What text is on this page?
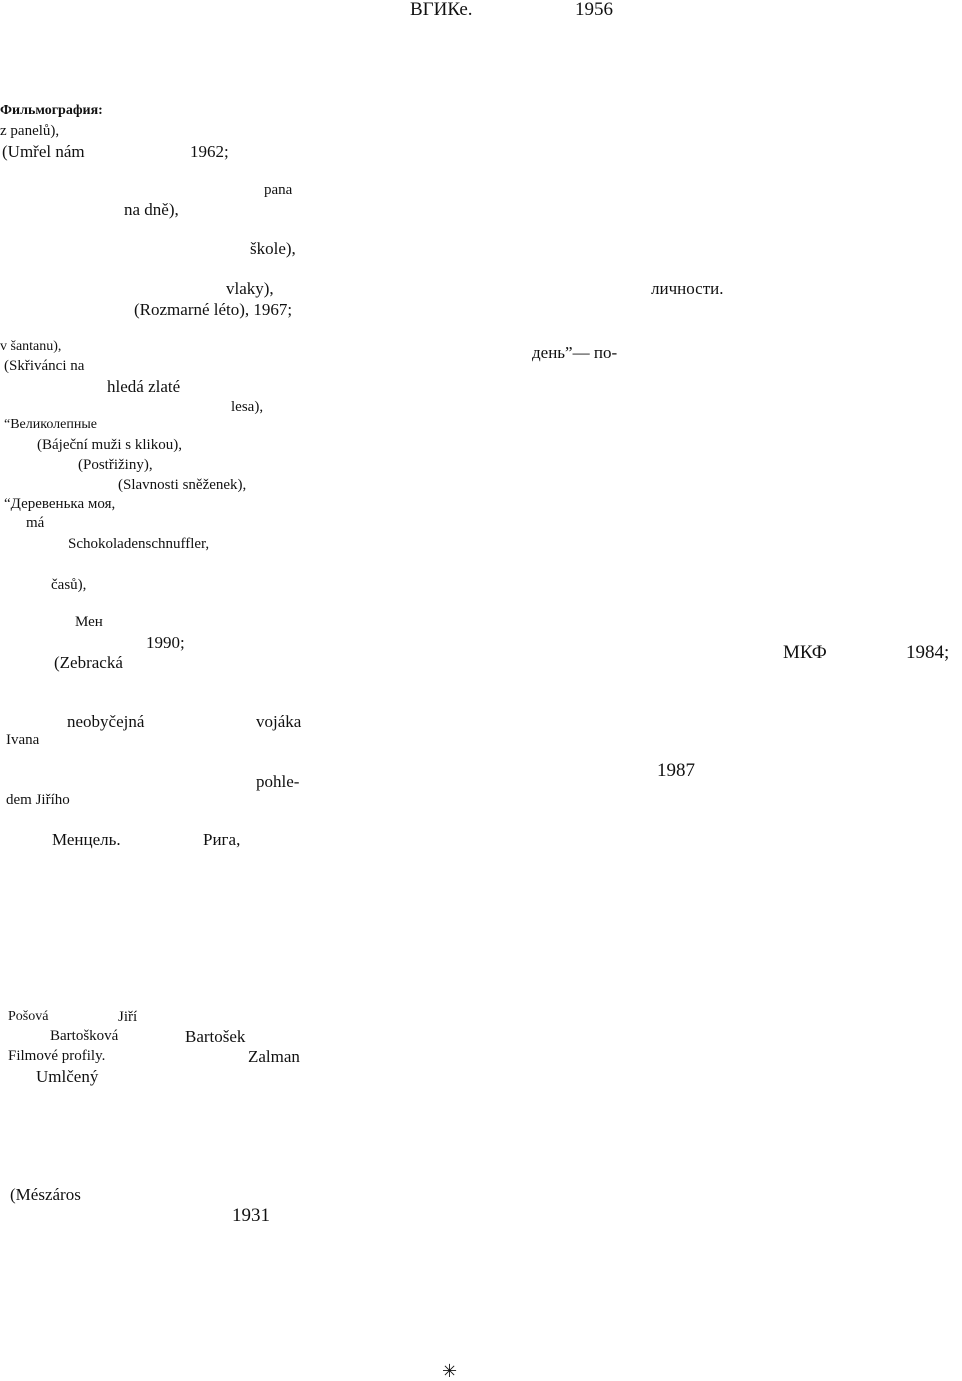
ВГИКе.	1956
Фильмография:
z panelů),
(Umřel nám	1962;
pana
na dně),
škole),
vlaky),
(Rozmarné léto), 1967;
v šantanu),
(Skřivánci na
hledá zlaté
lesa),
“Великолепные
(Báječní muži s klikou),
(Postřižiny),
(Slavnosti sněženek),
“Деревенька моя,
má
Schokoladenschnuffler,
časů),
Мен
1990;
(Zebracká
neobyčejná	vojáka
Ivana
pohle-
dem Jiřího
Менцель.	Рига,
личности.
день”— по-
МКФ	1984;
1987
Pošová	Jiří
Bartošková	Bartošek
Filmové profily.	Zalman
Umlčený
(Mészáros
1931
✳
